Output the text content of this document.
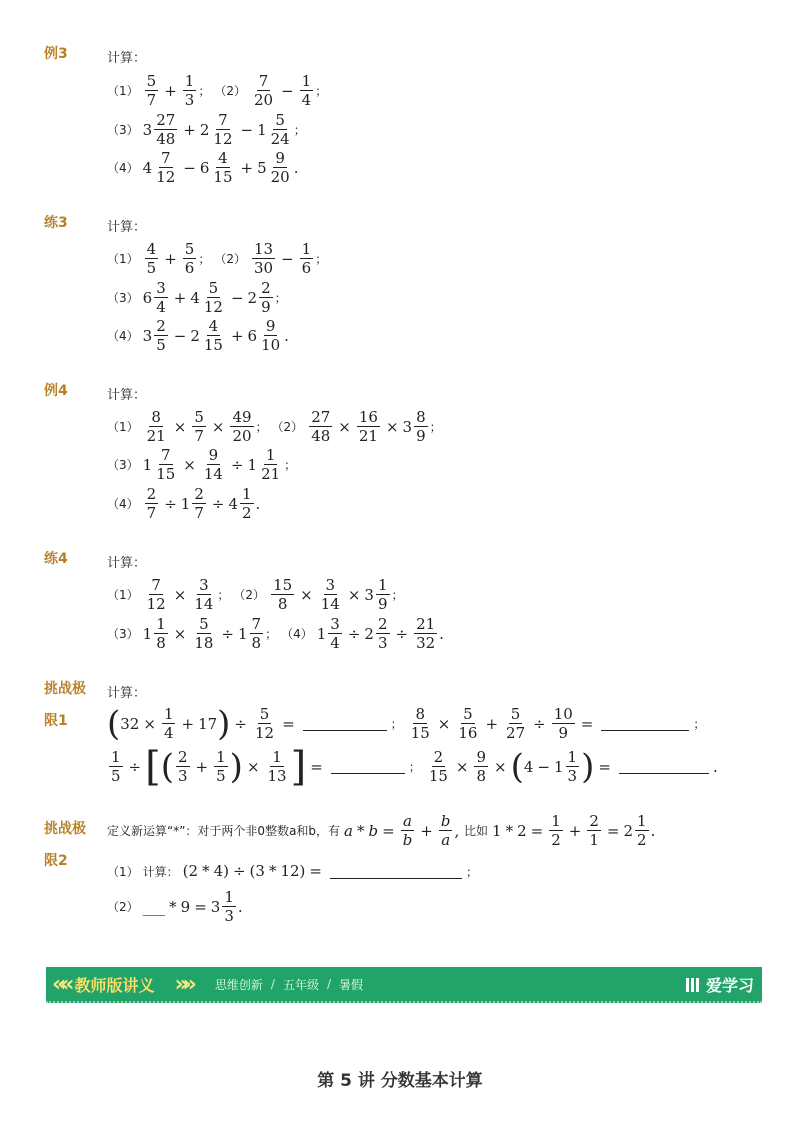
例3	计算：
$(1) \frac{5}{7} + \frac{1}{3}$ ； $(2) \frac{7}{20} - \frac{1}{4}$ ；
（3） $3 \frac{27}{48} + 2 \frac{7}{12} - 1 \frac{5}{24}$ ；
（4） $4 \frac{7}{12} - 6 \frac{4}{15} + 5 \frac{9}{20}$ .
练3	计算：
$(1) \frac{4}{5} + \frac{5}{6}$ ； $(2) \frac{13}{30} - \frac{1}{6}$ ；
（3） $6 \frac{3}{4} + 4 \frac{5}{12} - 2 \frac{2}{9}$ ；
（4） $3 \frac{2}{5} - 2 \frac{4}{15} + 6 \frac{9}{10}$ .
例4	计算：
$(1) \frac{8}{21} \times \frac{5}{7} \times \frac{49}{20}$ ； $(2) \frac{27}{48} \times \frac{16}{21} \times 3 \frac{8}{9}$ ；
（3） $1 \frac{7}{15} \times \frac{9}{14} \div 1 \frac{1}{21}$ ；
$(4) \frac{2}{7} \div 1 \frac{2}{7} \div 4 \frac{1}{2}$ .
练4	计算：
$(1) \frac{7}{12} \times \frac{3}{14}$ ； $(2) \frac{15}{8} \times \frac{3}{14} \times 3 \frac{1}{9}$ ；
（3） $1 \frac{1}{8} \times \frac{5}{18} \div 1 \frac{7}{8}$ ； （4） $1 \frac{3}{4} \div 2 \frac{2}{3} \div \frac{21}{32}$ .
挑战极
限1
计算：
( $32 \times \frac{1}{4} + 17$ ) ÷ $\frac{5}{12}$ =	； $\frac{8}{15} \times \frac{5}{16} + \frac{5}{27} \div \frac{10}{9}$ =	；
$\frac{1}{5}$ ÷ [ ( $\frac{2}{3} + \frac{1}{5}$ ) × $\frac{1}{13}$ ] =	； $\frac{2}{15} \times \frac{9}{8}$ × ( $4 - 1 \frac{1}{3}$ ) =	.
挑战极
限2
定义新运算“*”：对于两个非0整数a和b，有 $a * b = \frac{a}{b} + \frac{b}{a}$ , 比如 $1 * 2 = \frac{1}{2} + \frac{2}{1} = 2 \frac{1}{2}$ .
（1） 计算： (2 * 4) ÷ (3 * 12) =	；
（2） ___ * $9 = 3 \frac{1}{3}$ .
«« 教师版讲义 »» 思维创新 / 五年级 / 暑假	爱学习
第 5 讲 分数基本计算
